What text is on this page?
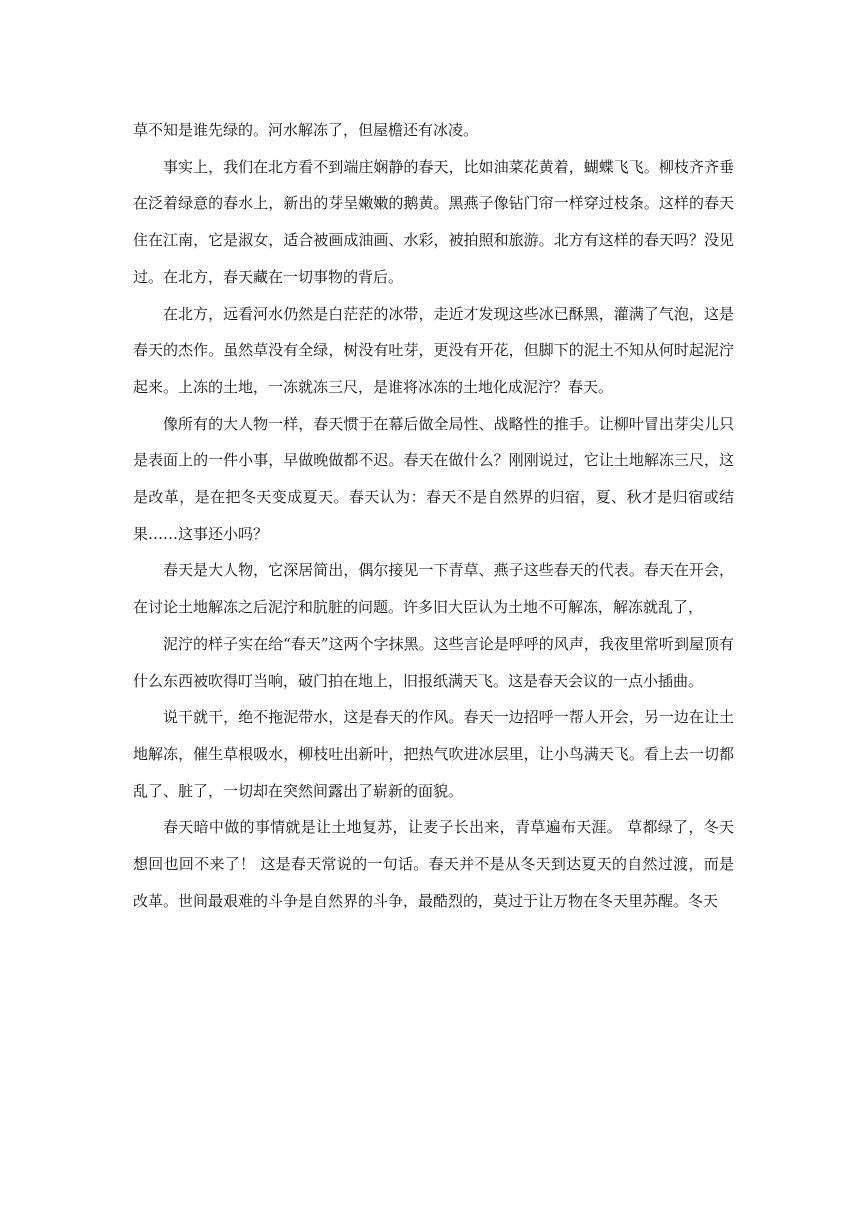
草不知是谁先绿的。河水解冻了，但屋檐还有冰凌。

事实上，我们在北方看不到端庄娴静的春天，比如油菜花黄着，蝴蝶飞飞。柳枝齐齐垂在泛着绿意的春水上，新出的芽呈嫩嫩的鹅黄。黑燕子像钻门帘一样穿过枝条。这样的春天住在江南，它是淑女，适合被画成油画、水彩，被拍照和旅游。北方有这样的春天吗？没见过。在北方，春天藏在一切事物的背后。

在北方，远看河水仍然是白茫茫的冰带，走近才发现这些冰已酥黑，灌满了气泡，这是春天的杰作。虽然草没有全绿，树没有吐芽，更没有开花，但脚下的泥土不知从何时起泥泞起来。上冻的土地，一冻就冻三尺，是谁将冰冻的土地化成泥泞？春天。

像所有的大人物一样，春天惯于在幕后做全局性、战略性的推手。让柳叶冒出芽尖儿只是表面上的一件小事，早做晚做都不迟。春天在做什么？刚刚说过，它让土地解冻三尺，这是改革，是在把冬天变成夏天。春天认为：春天不是自然界的归宿，夏、秋才是归宿或结果……这事还小吗？

春天是大人物，它深居简出，偶尔接见一下青草、燕子这些春天的代表。春天在开会，在讨论土地解冻之后泥泞和肮脏的问题。许多旧大臣认为土地不可解冻，解冻就乱了，

泥泞的样子实在给“春天”这两个字抹黑。这些言论是呼呼的风声，我夜里常听到屋顶有什么东西被吹得叮当响，破门拍在地上，旧报纸满天飞。这是春天会议的一点小插曲。

说干就干，绝不拖泥带水，这是春天的作风。春天一边招呼一帮人开会，另一边在让土地解冻，催生草根吸水，柳枝吐出新叶，把热气吹进冰层里，让小鸟满天飞。看上去一切都乱了、脏了，一切却在突然间露出了崭新的面貌。

春天暗中做的事情就是让土地复苏，让麦子长出来，青草遍布天涯。 草都绿了，冬天想回也回不来了！ 这是春天常说的一句话。春天并不是从冬天到达夏天的自然过渡，而是改革。世间最艰难的斗争是自然界的斗争，最酷烈的，莫过于让万物在冬天里苏醒。冬天
